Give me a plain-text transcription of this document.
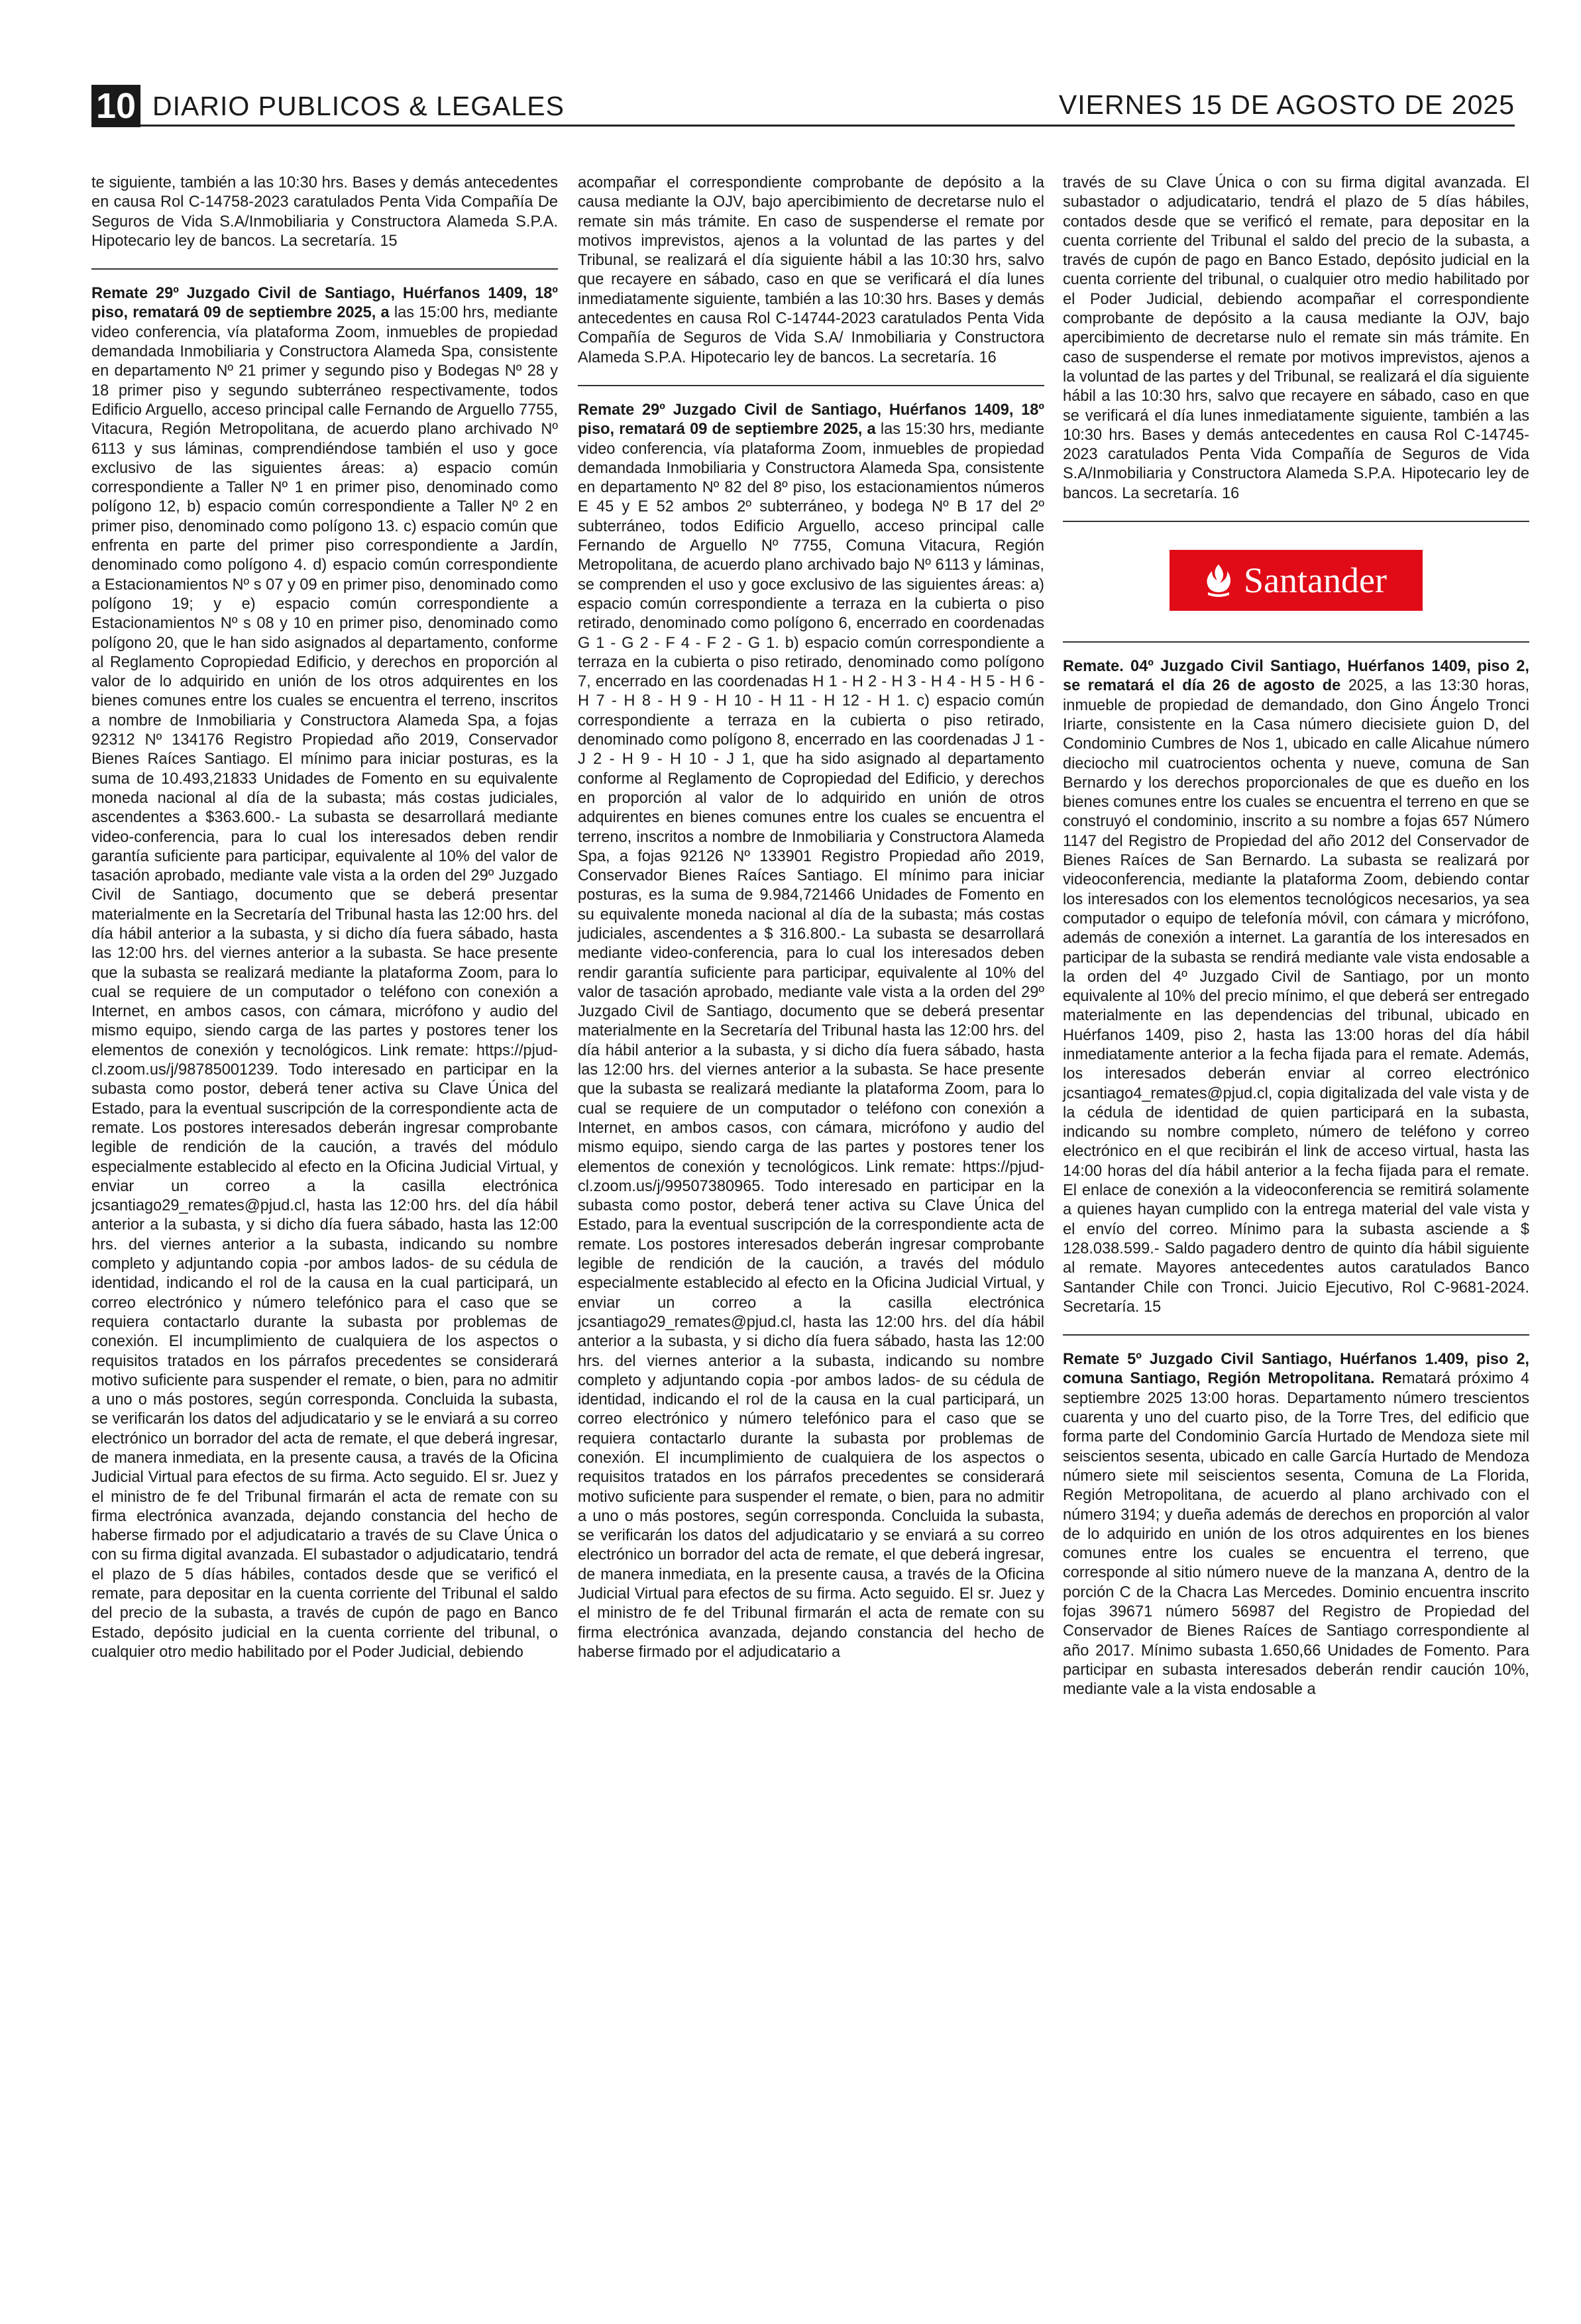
10 DIARIO PUBLICOS & LEGALES	VIERNES 15 DE AGOSTO DE 2025

te siguiente, también a las 10:30 hrs. Bases y demás antecedentes en causa Rol C-14758-2023 caratulados Penta Vida Compañía De Seguros de Vida S.A/Inmobiliaria y Constructora Alameda S.P.A. Hipotecario ley de bancos. La secretaría. 15

Remate 29º Juzgado Civil de Santiago, Huérfanos 1409, 18º piso, rematará 09 de septiembre 2025, a las 15:00 hrs, mediante video conferencia, vía plataforma Zoom, inmuebles de propiedad demandada Inmobiliaria y Constructora Alameda Spa, consistente en departamento Nº 21 primer y segundo piso y Bodegas Nº 28 y 18 primer piso y segundo subterráneo respectivamente, todos Edificio Arguello, acceso principal calle Fernando de Arguello 7755, Vitacura, Región Metropolitana, de acuerdo plano archivado Nº 6113 y sus láminas, comprendiéndose también el uso y goce exclusivo de las siguientes áreas: a) espacio común correspondiente a Taller Nº 1 en primer piso, denominado como polígono 12, b) espacio común correspondiente a Taller Nº 2 en primer piso, denominado como polígono 13. c) espacio común que enfrenta en parte del primer piso correspondiente a Jardín, denominado como polígono 4. d) espacio común correspondiente a Estacionamientos Nº s 07 y 09 en primer piso, denominado como polígono 19; y e) espacio común correspondiente a Estacionamientos Nº s 08 y 10 en primer piso, denominado como polígono 20, que le han sido asignados al departamento, conforme al Reglamento Copropiedad Edificio, y derechos en proporción al valor de lo adquirido en unión de los otros adquirentes en los bienes comunes entre los cuales se encuentra el terreno, inscritos a nombre de Inmobiliaria y Constructora Alameda Spa, a fojas 92312 Nº 134176 Registro Propiedad año 2019, Conservador Bienes Raíces Santiago. El mínimo para iniciar posturas, es la suma de 10.493,21833 Unidades de Fomento en su equivalente moneda nacional al día de la subasta; más costas judiciales, ascendentes a $363.600.- La subasta se desarrollará mediante video-conferencia, para lo cual los interesados deben rendir garantía suficiente para participar, equivalente al 10% del valor de tasación aprobado, mediante vale vista a la orden del 29º Juzgado Civil de Santiago, documento que se deberá presentar materialmente en la Secretaría del Tribunal hasta las 12:00 hrs. del día hábil anterior a la subasta, y si dicho día fuera sábado, hasta las 12:00 hrs. del viernes anterior a la subasta. Se hace presente que la subasta se realizará mediante la plataforma Zoom, para lo cual se requiere de un computador o teléfono con conexión a Internet, en ambos casos, con cámara, micrófono y audio del mismo equipo, siendo carga de las partes y postores tener los elementos de conexión y tecnológicos. Link remate: https://pjud-cl.zoom.us/j/98785001239. Todo interesado en participar en la subasta como postor, deberá tener activa su Clave Única del Estado, para la eventual suscripción de la correspondiente acta de remate. Los postores interesados deberán ingresar comprobante legible de rendición de la caución, a través del módulo especialmente establecido al efecto en la Oficina Judicial Virtual, y enviar un correo a la casilla electrónica jcsantiago29_remates@pjud.cl, hasta las 12:00 hrs. del día hábil anterior a la subasta, y si dicho día fuera sábado, hasta las 12:00 hrs. del viernes anterior a la subasta, indicando su nombre completo y adjuntando copia -por ambos lados- de su cédula de identidad, indicando el rol de la causa en la cual participará, un correo electrónico y número telefónico para el caso que se requiera contactarlo durante la subasta por problemas de conexión. El incumplimiento de cualquiera de los aspectos o requisitos tratados en los párrafos precedentes se considerará motivo suficiente para suspender el remate, o bien, para no admitir a uno o más postores, según corresponda. Concluida la subasta, se verificarán los datos del adjudicatario y se le enviará a su correo electrónico un borrador del acta de remate, el que deberá ingresar, de manera inmediata, en la presente causa, a través de la Oficina Judicial Virtual para efectos de su firma. Acto seguido. El sr. Juez y el ministro de fe del Tribunal firmarán el acta de remate con su firma electrónica avanzada, dejando constancia del hecho de haberse firmado por el adjudicatario a través de su Clave Única o con su firma digital avanzada. El subastador o adjudicatario, tendrá el plazo de 5 días hábiles, contados desde que se verificó el remate, para depositar en la cuenta corriente del Tribunal el saldo del precio de la subasta, a través de cupón de pago en Banco Estado, depósito judicial en la cuenta corriente del tribunal, o cualquier otro medio habilitado por el Poder Judicial, debiendo

acompañar el correspondiente comprobante de depósito a la causa mediante la OJV, bajo apercibimiento de decretarse nulo el remate sin más trámite. En caso de suspenderse el remate por motivos imprevistos, ajenos a la voluntad de las partes y del Tribunal, se realizará el día siguiente hábil a las 10:30 hrs, salvo que recayere en sábado, caso en que se verificará el día lunes inmediatamente siguiente, también a las 10:30 hrs. Bases y demás antecedentes en causa Rol C-14744-2023 caratulados Penta Vida Compañía de Seguros de Vida S.A/ Inmobiliaria y Constructora Alameda S.P.A. Hipotecario ley de bancos. La secretaría. 16

Remate 29º Juzgado Civil de Santiago, Huérfanos 1409, 18º piso, rematará 09 de septiembre 2025, a las 15:30 hrs, mediante video conferencia, vía plataforma Zoom, inmuebles de propiedad demandada Inmobiliaria y Constructora Alameda Spa, consistente en departamento Nº 82 del 8º piso, los estacionamientos números E 45 y E 52 ambos 2º subterráneo, y bodega Nº B 17 del 2º subterráneo, todos Edificio Arguello, acceso principal calle Fernando de Arguello Nº 7755, Comuna Vitacura, Región Metropolitana, de acuerdo plano archivado bajo Nº 6113 y láminas, se comprenden el uso y goce exclusivo de las siguientes áreas: a) espacio común correspondiente a terraza en la cubierta o piso retirado, denominado como polígono 6, encerrado en coordenadas G 1 - G 2 - F 4 - F 2 - G 1. b) espacio común correspondiente a terraza en la cubierta o piso retirado, denominado como polígono 7, encerrado en las coordenadas H 1 - H 2 - H 3 - H 4 - H 5 - H 6 - H 7 - H 8 - H 9 - H 10 - H 11 - H 12 - H 1. c) espacio común correspondiente a terraza en la cubierta o piso retirado, denominado como polígono 8, encerrado en las coordenadas J 1 - J 2 - H 9 - H 10 - J 1, que ha sido asignado al departamento conforme al Reglamento de Copropiedad del Edificio, y derechos en proporción al valor de lo adquirido en unión de otros adquirentes en bienes comunes entre los cuales se encuentra el terreno, inscritos a nombre de Inmobiliaria y Constructora Alameda Spa, a fojas 92126 Nº 133901 Registro Propiedad año 2019, Conservador Bienes Raíces Santiago. El mínimo para iniciar posturas, es la suma de 9.984,721466 Unidades de Fomento en su equivalente moneda nacional al día de la subasta; más costas judiciales, ascendentes a $ 316.800.- La subasta se desarrollará mediante video-conferencia, para lo cual los interesados deben rendir garantía suficiente para participar, equivalente al 10% del valor de tasación aprobado, mediante vale vista a la orden del 29º Juzgado Civil de Santiago, documento que se deberá presentar materialmente en la Secretaría del Tribunal hasta las 12:00 hrs. del día hábil anterior a la subasta, y si dicho día fuera sábado, hasta las 12:00 hrs. del viernes anterior a la subasta. Se hace presente que la subasta se realizará mediante la plataforma Zoom, para lo cual se requiere de un computador o teléfono con conexión a Internet, en ambos casos, con cámara, micrófono y audio del mismo equipo, siendo carga de las partes y postores tener los elementos de conexión y tecnológicos. Link remate: https://pjud-cl.zoom.us/j/99507380965. Todo interesado en participar en la subasta como postor, deberá tener activa su Clave Única del Estado, para la eventual suscripción de la correspondiente acta de remate. Los postores interesados deberán ingresar comprobante legible de rendición de la caución, a través del módulo especialmente establecido al efecto en la Oficina Judicial Virtual, y enviar un correo a la casilla electrónica jcsantiago29_remates@pjud.cl, hasta las 12:00 hrs. del día hábil anterior a la subasta, y si dicho día fuera sábado, hasta las 12:00 hrs. del viernes anterior a la subasta, indicando su nombre completo y adjuntando copia -por ambos lados- de su cédula de identidad, indicando el rol de la causa en la cual participará, un correo electrónico y número telefónico para el caso que se requiera contactarlo durante la subasta por problemas de conexión. El incumplimiento de cualquiera de los aspectos o requisitos tratados en los párrafos precedentes se considerará motivo suficiente para suspender el remate, o bien, para no admitir a uno o más postores, según corresponda. Concluida la subasta, se verificarán los datos del adjudicatario y se enviará a su correo electrónico un borrador del acta de remate, el que deberá ingresar, de manera inmediata, en la presente causa, a través de la Oficina Judicial Virtual para efectos de su firma. Acto seguido. El sr. Juez y el ministro de fe del Tribunal firmarán el acta de remate con su firma electrónica avanzada, dejando constancia del hecho de haberse firmado por el adjudicatario a

través de su Clave Única o con su firma digital avanzada. El subastador o adjudicatario, tendrá el plazo de 5 días hábiles, contados desde que se verificó el remate, para depositar en la cuenta corriente del Tribunal el saldo del precio de la subasta, a través de cupón de pago en Banco Estado, depósito judicial en la cuenta corriente del tribunal, o cualquier otro medio habilitado por el Poder Judicial, debiendo acompañar el correspondiente comprobante de depósito a la causa mediante la OJV, bajo apercibimiento de decretarse nulo el remate sin más trámite. En caso de suspenderse el remate por motivos imprevistos, ajenos a la voluntad de las partes y del Tribunal, se realizará el día siguiente hábil a las 10:30 hrs, salvo que recayere en sábado, caso en que se verificará el día lunes inmediatamente siguiente, también a las 10:30 hrs. Bases y demás antecedentes en causa Rol C-14745-2023 caratulados Penta Vida Compañía de Seguros de Vida S.A/Inmobiliaria y Constructora Alameda S.P.A. Hipotecario ley de bancos. La secretaría. 16

Santander

Remate. 04º Juzgado Civil Santiago, Huérfanos 1409, piso 2, se rematará el día 26 de agosto de 2025, a las 13:30 horas, inmueble de propiedad de demandado, don Gino Ángelo Tronci Iriarte, consistente en la Casa número diecisiete guion D, del Condominio Cumbres de Nos 1, ubicado en calle Alicahue número dieciocho mil cuatrocientos ochenta y nueve, comuna de San Bernardo y los derechos proporcionales de que es dueño en los bienes comunes entre los cuales se encuentra el terreno en que se construyó el condominio, inscrito a su nombre a fojas 657 Número 1147 del Registro de Propiedad del año 2012 del Conservador de Bienes Raíces de San Bernardo. La subasta se realizará por videoconferencia, mediante la plataforma Zoom, debiendo contar los interesados con los elementos tecnológicos necesarios, ya sea computador o equipo de telefonía móvil, con cámara y micrófono, además de conexión a internet. La garantía de los interesados en participar de la subasta se rendirá mediante vale vista endosable a la orden del 4º Juzgado Civil de Santiago, por un monto equivalente al 10% del precio mínimo, el que deberá ser entregado materialmente en las dependencias del tribunal, ubicado en Huérfanos 1409, piso 2, hasta las 13:00 horas del día hábil inmediatamente anterior a la fecha fijada para el remate. Además, los interesados deberán enviar al correo electrónico jcsantiago4_remates@pjud.cl, copia digitalizada del vale vista y de la cédula de identidad de quien participará en la subasta, indicando su nombre completo, número de teléfono y correo electrónico en el que recibirán el link de acceso virtual, hasta las 14:00 horas del día hábil anterior a la fecha fijada para el remate. El enlace de conexión a la videoconferencia se remitirá solamente a quienes hayan cumplido con la entrega material del vale vista y el envío del correo. Mínimo para la subasta asciende a $ 128.038.599.- Saldo pagadero dentro de quinto día hábil siguiente al remate. Mayores antecedentes autos caratulados Banco Santander Chile con Tronci. Juicio Ejecutivo, Rol C-9681-2024. Secretaría. 15

Remate 5º Juzgado Civil Santiago, Huérfanos 1.409, piso 2, comuna Santiago, Región Metropolitana. Rematará próximo 4 septiembre 2025 13:00 horas. Departamento número trescientos cuarenta y uno del cuarto piso, de la Torre Tres, del edificio que forma parte del Condominio García Hurtado de Mendoza siete mil seiscientos sesenta, ubicado en calle García Hurtado de Mendoza número siete mil seiscientos sesenta, Comuna de La Florida, Región Metropolitana, de acuerdo al plano archivado con el número 3194; y dueña además de derechos en proporción al valor de lo adquirido en unión de los otros adquirentes en los bienes comunes entre los cuales se encuentra el terreno, que corresponde al sitio número nueve de la manzana A, dentro de la porción C de la Chacra Las Mercedes. Dominio encuentra inscrito fojas 39671 número 56987 del Registro de Propiedad del Conservador de Bienes Raíces de Santiago correspondiente al año 2017. Mínimo subasta 1.650,66 Unidades de Fomento. Para participar en subasta interesados deberán rendir caución 10%, mediante vale a la vista endosable a
